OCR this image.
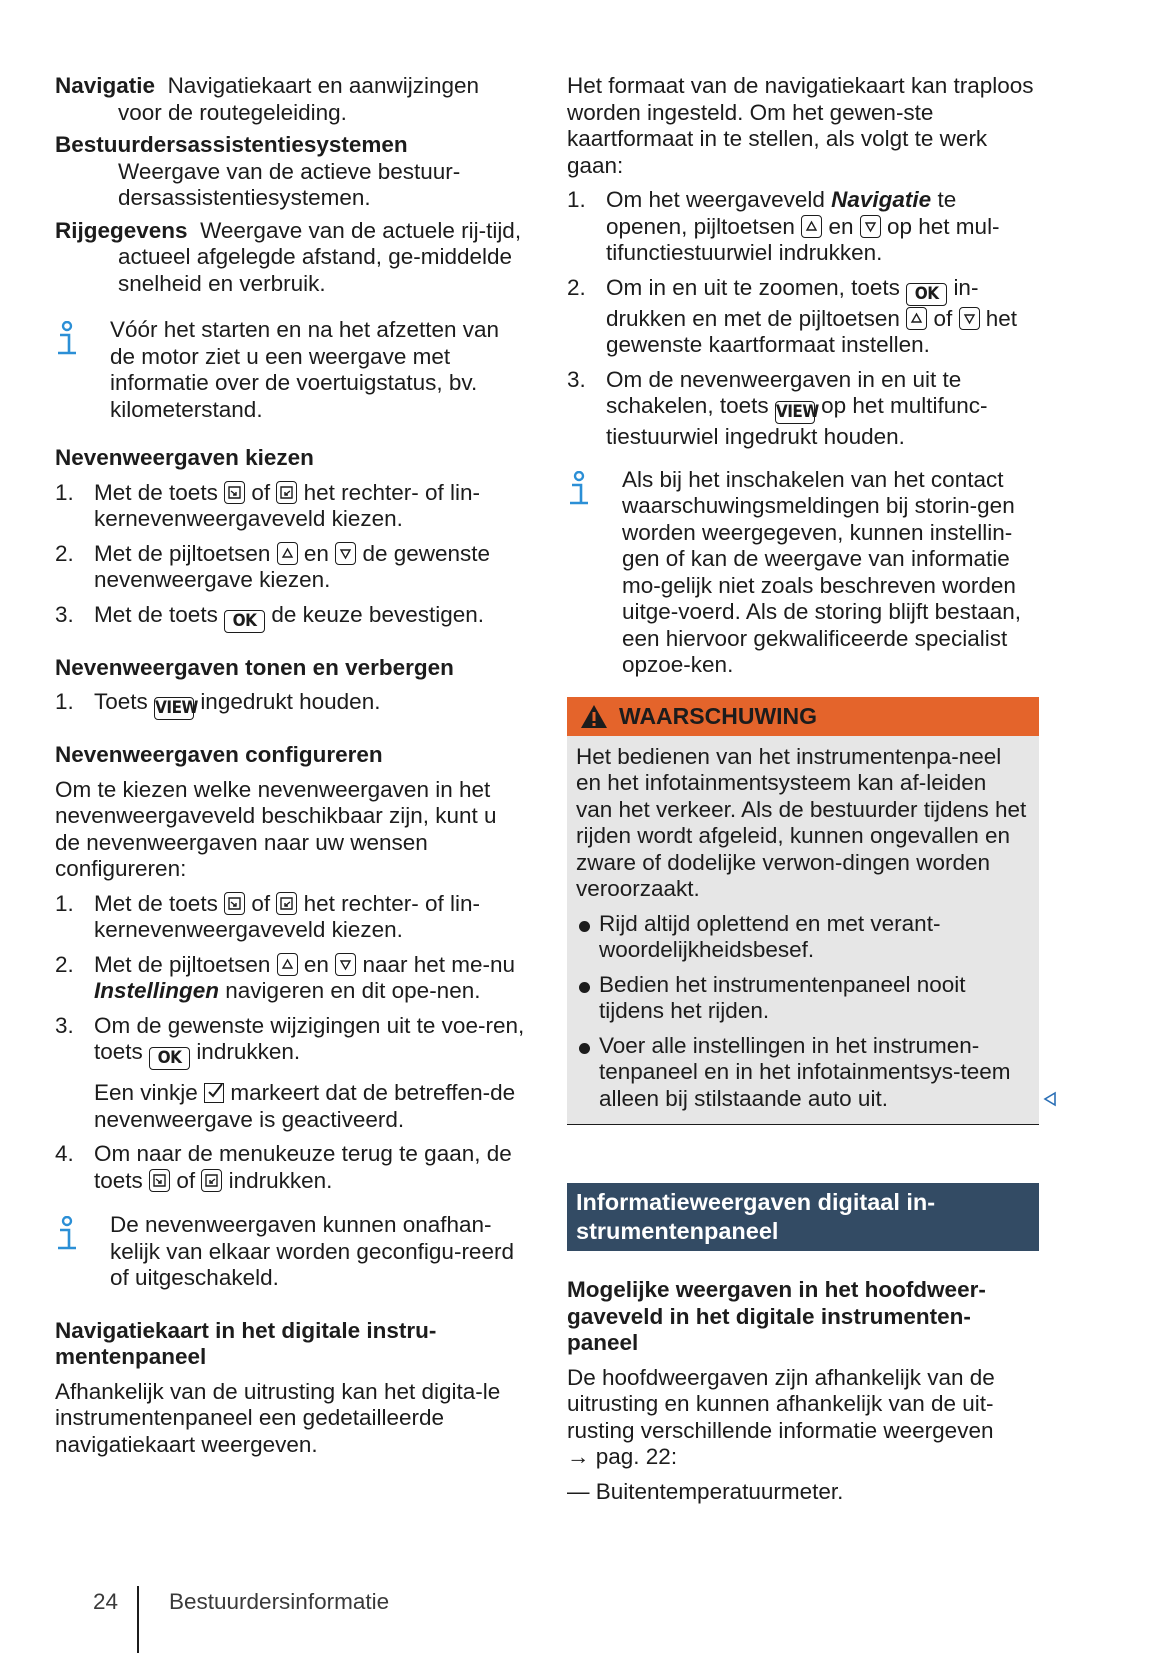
Navigatie Navigatiekaart en aanwijzingen voor de routegeleiding.
Bestuurdersassistentiesystemen
Weergave van de actieve bestuur-
dersassistentiesystemen.
Rijgegevens Weergave van de actuele rij-tijd, actueel afgelegde afstand, ge-middelde snelheid en verbruik.
Vóór het starten en na het afzetten van de motor ziet u een weergave met informatie over de voertuigstatus, bv. kilometerstand.
Nevenweergaven kiezen
1. Met de toets of het rechter- of lin-kernevenweergaveveld kiezen.
2. Met de pijltoetsen en de gewenste nevenweergave kiezen.
3. Met de toets OK de keuze bevestigen.
Nevenweergaven tonen en verbergen
1. Toets VIEW ingedrukt houden.
Nevenweergaven configureren

Om te kiezen welke nevenweergaven in het nevenweergaveveld beschikbaar zijn, kunt u de nevenweergaven naar uw wensen configureren:

1. Met de toets of het rechter- of lin-kernevenweergaveveld kiezen.
2. Met de pijltoetsen en naar het me-nu Instellingen navigeren en dit ope-nen.
3. Om de gewenste wijzigingen uit te voe-ren, toets OK indrukken.
Een vinkje markeert dat de betreffen-de nevenweergave is geactiveerd.
4. Om naar de menukeuze terug te gaan, de toets of indrukken.
De nevenweergaven kunnen onafhan-kelijk van elkaar worden geconfigu-reerd of uitgeschakeld.
Navigatiekaart in het digitale instru-mentenpaneel

Afhankelijk van de uitrusting kan het digita-le instrumentenpaneel een gedetailleerde navigatiekaart weergeven.

Het formaat van de navigatiekaart kan traploos worden ingesteld. Om het gewen-ste kaartformaat in te stellen, als volgt te werk gaan:

1. Om het weergaveveld Navigatie te openen, pijltoetsen en op het mul-tifunctiestuurwiel indrukken.
2. Om in en uit te zoomen, toets OK in-drukken en met de pijltoetsen of het gewenste kaartformaat instellen.
3. Om de nevenweergaven in en uit te schakelen, toets VIEW op het multifunc-tiestuurwiel ingedrukt houden.
Als bij het inschakelen van het contact waarschuwingsmeldingen bij storin-gen worden weergegeven, kunnen instellin-gen of kan de weergave van informatie mo-gelijk niet zoals beschreven worden uitge-voerd. Als de storing blijft bestaan, een hiervoor gekwalificeerde specialist opzoe-ken.
WAARSCHUWING

Het bedienen van het instrumentenpa-neel en het infotainmentsysteem kan af-leiden van het verkeer. Als de bestuurder tijdens het rijden wordt afgeleid, kunnen ongevallen en zware of dodelijke verwon-dingen worden veroorzaakt.

Rijd altijd oplettend en met verant-woordelijkheidsbesef.
Bedien het instrumentenpaneel nooit tijdens het rijden.
Voer alle instellingen in het instrumen-tenpaneel en in het infotainmentsys-teem alleen bij stilstaande auto uit.
Informatieweergaven digitaal in-strumentenpaneel
Mogelijke weergaven in het hoofdweer-gaveveld in het digitale instrumenten-paneel

De hoofdweergaven zijn afhankelijk van de uitrusting en kunnen afhankelijk van de uit-rusting verschillende informatie weergeven
→ pag. 22:

— Buitentemperatuurmeter.

24 Bestuurdersinformatie
